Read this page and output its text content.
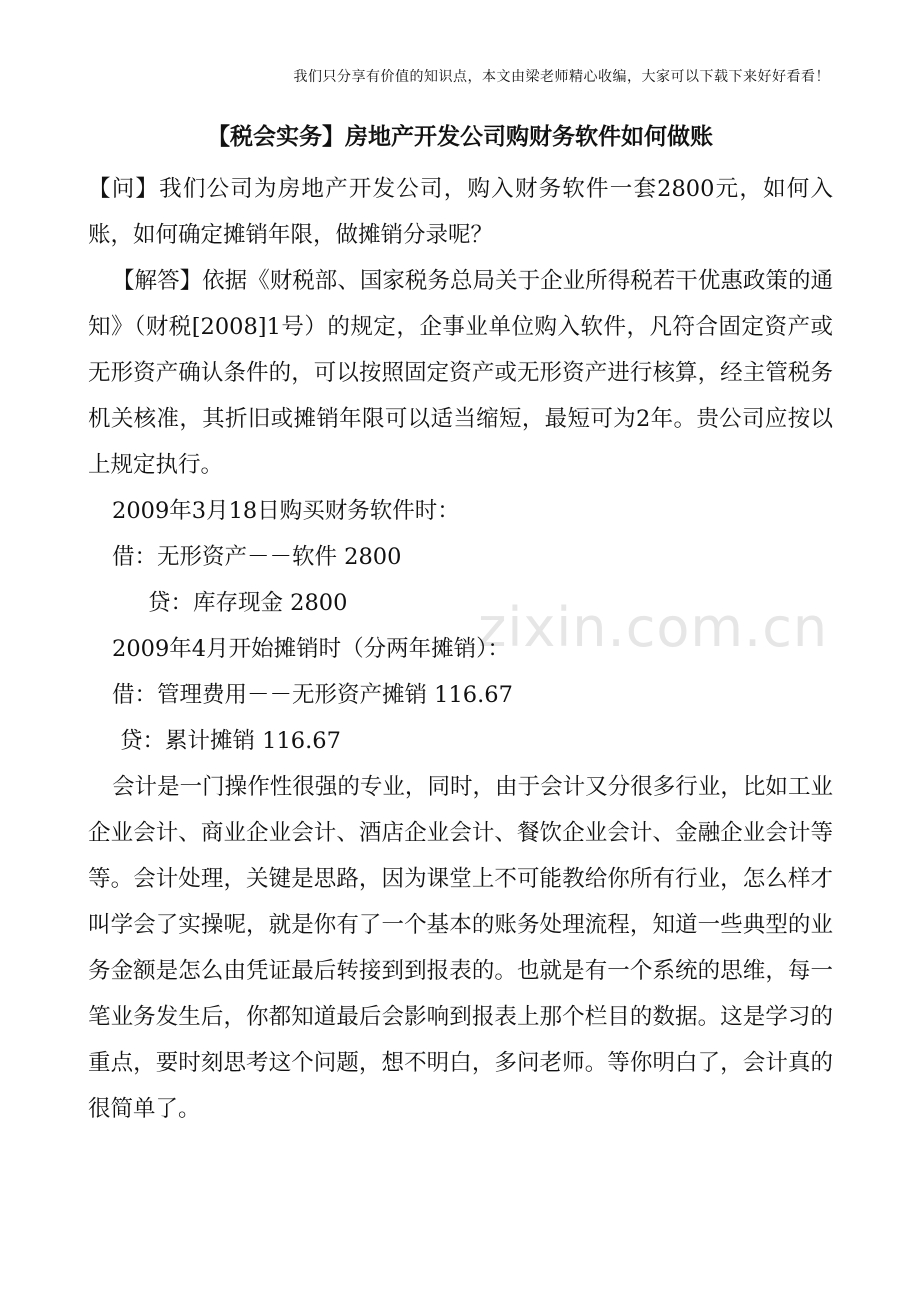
我们只分享有价值的知识点，本文由梁老师精心收编，大家可以下载下来好好看看！
【税会实务】房地产开发公司购财务软件如何做账
zixin.com.cn

【问】我们公司为房地产开发公司，购入财务软件一套2800元，如何入账，如何确定摊销年限，做摊销分录呢？

【解答】依据《财税部、国家税务总局关于企业所得税若干优惠政策的通知》（财税[2008]1号）的规定，企事业单位购入软件，凡符合固定资产或无形资产确认条件的，可以按照固定资产或无形资产进行核算，经主管税务机关核准，其折旧或摊销年限可以适当缩短，最短可为2年。贵公司应按以上规定执行。

2009年3月18日购买财务软件时：

借：无形资产－－软件 2800

贷：库存现金 2800

2009年4月开始摊销时（分两年摊销）：

借：管理费用－－无形资产摊销 116.67

贷：累计摊销 116.67

会计是一门操作性很强的专业，同时，由于会计又分很多行业，比如工业企业会计、商业企业会计、酒店企业会计、餐饮企业会计、金融企业会计等等。会计处理，关键是思路，因为课堂上不可能教给你所有行业，怎么样才叫学会了实操呢，就是你有了一个基本的账务处理流程，知道一些典型的业务金额是怎么由凭证最后转接到到报表的。也就是有一个系统的思维，每一笔业务发生后，你都知道最后会影响到报表上那个栏目的数据。这是学习的重点，要时刻思考这个问题，想不明白，多问老师。等你明白了，会计真的很简单了。
